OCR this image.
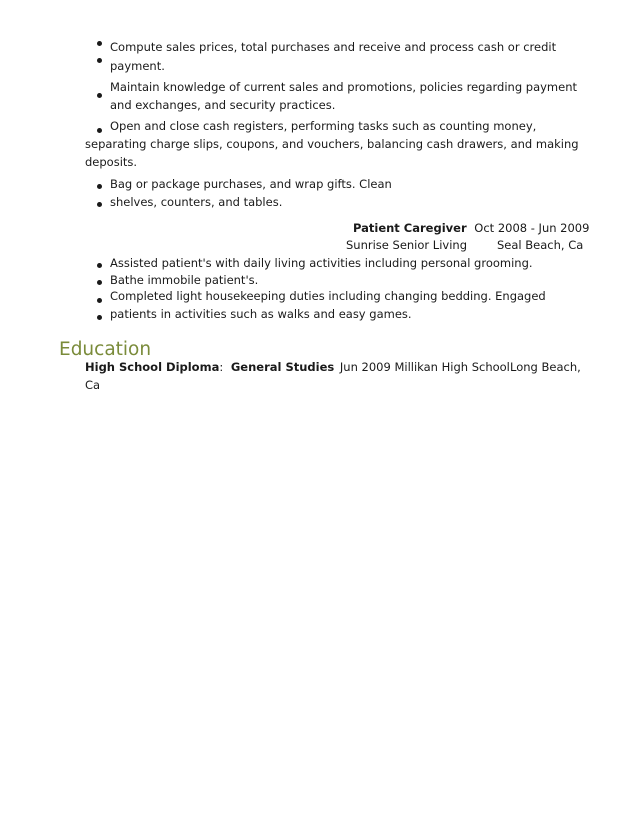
Compute sales prices, total purchases and receive and process cash or credit
payment.
Maintain knowledge of current sales and promotions, policies regarding payment
and exchanges, and security practices.
Open and close cash registers, performing tasks such as counting money,
separating charge slips, coupons, and vouchers, balancing cash drawers, and making
deposits.
Bag or package purchases, and wrap gifts. Clean
shelves, counters, and tables.
Patient Caregiver Oct 2008 - Jun 2009
Sunrise Senior Living	Seal Beach, Ca
Assisted patient's with daily living activities including personal grooming.
Bathe immobile patient's.
Completed light housekeeping duties including changing bedding. Engaged
patients in activities such as walks and easy games.
Education
High School Diploma: General Studies Jun 2009 Millikan High School Long Beach,
Ca
